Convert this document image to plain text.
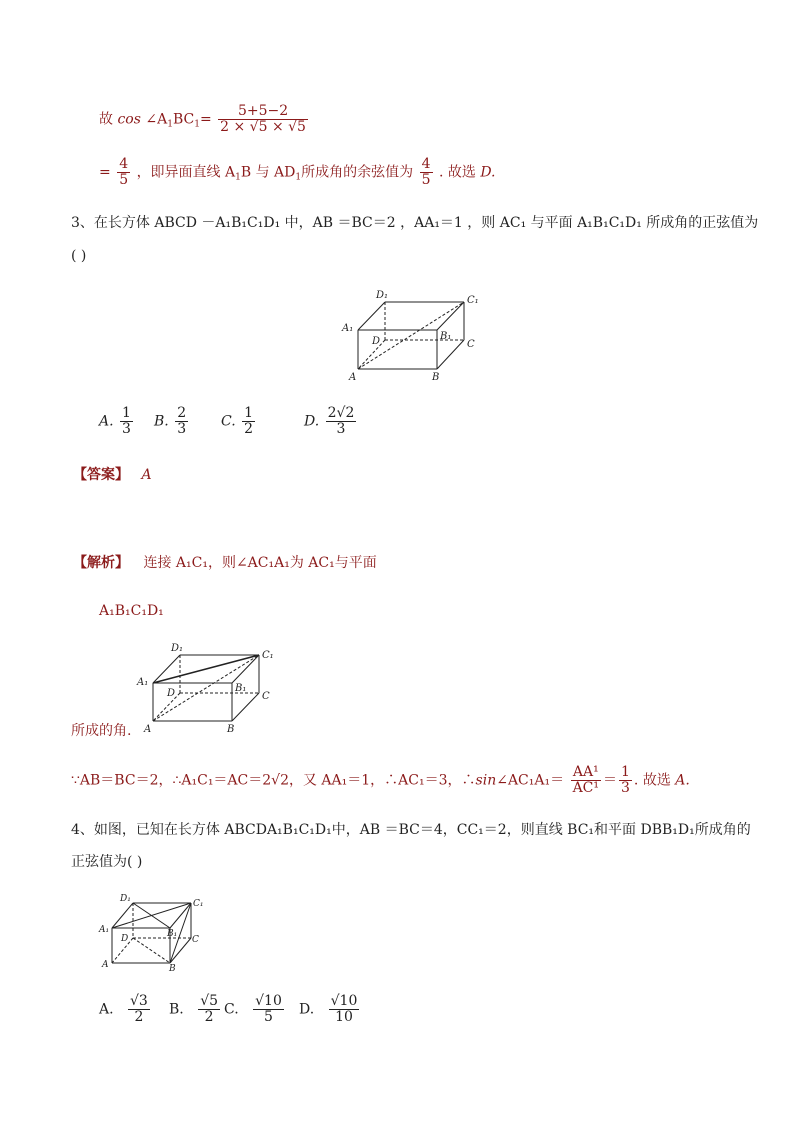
故 $\cos \angle A_1BC_1= \frac{5+5-2}{2 \times √5 \times √5}$
= $\frac{4}{5}$ ，即异面直线 $A_1B$ 与 $AD_1$所成角的余弦值为 $\frac{4}{5}$ . 故选 D.
3、在长方体 ABCD －A₁B₁C₁D₁ 中，AB ＝BC＝2 ，AA₁＝1 ，则 AC₁ 与平面 A₁B₁C₁D₁ 所成角的正弦值为
( )
D₁	C₁
A₁
B₁
D	C
A	B
A. $\frac{1}{3} B$. $\frac{2}{3} C$. $\frac{1}{2}$	D. $\frac{2√2}{3}$
【答案】 A
【解析】 连接 A₁C₁，则∠AC₁A₁为 AC₁与平面
A₁B₁C₁D₁
D₁
C₁
A₁
B₁
D	C
A	B
所成的角.
∵AB＝BC＝2，∴A₁C₁＝AC＝2√2，又 AA₁＝1，∴AC₁＝3，∴sin∠AC₁A₁＝ $\frac{\text{AA¹}}{\text{AC¹}} = \frac{1}{3}$ . 故选 A.
4、如图，已知在长方体 ABCDA₁B₁C₁D₁中，AB ＝BC＝4，CC₁＝2，则直线 BC₁和平面 DBB₁D₁所成角的
正弦值为( )
D₁	C₁
A₁
D	B₁
C
A	B
A. $\frac{√3}{2} B$. $\frac{√5}{2} C$. $\frac{√10}{5} D$. $\frac{√10}{10}$
